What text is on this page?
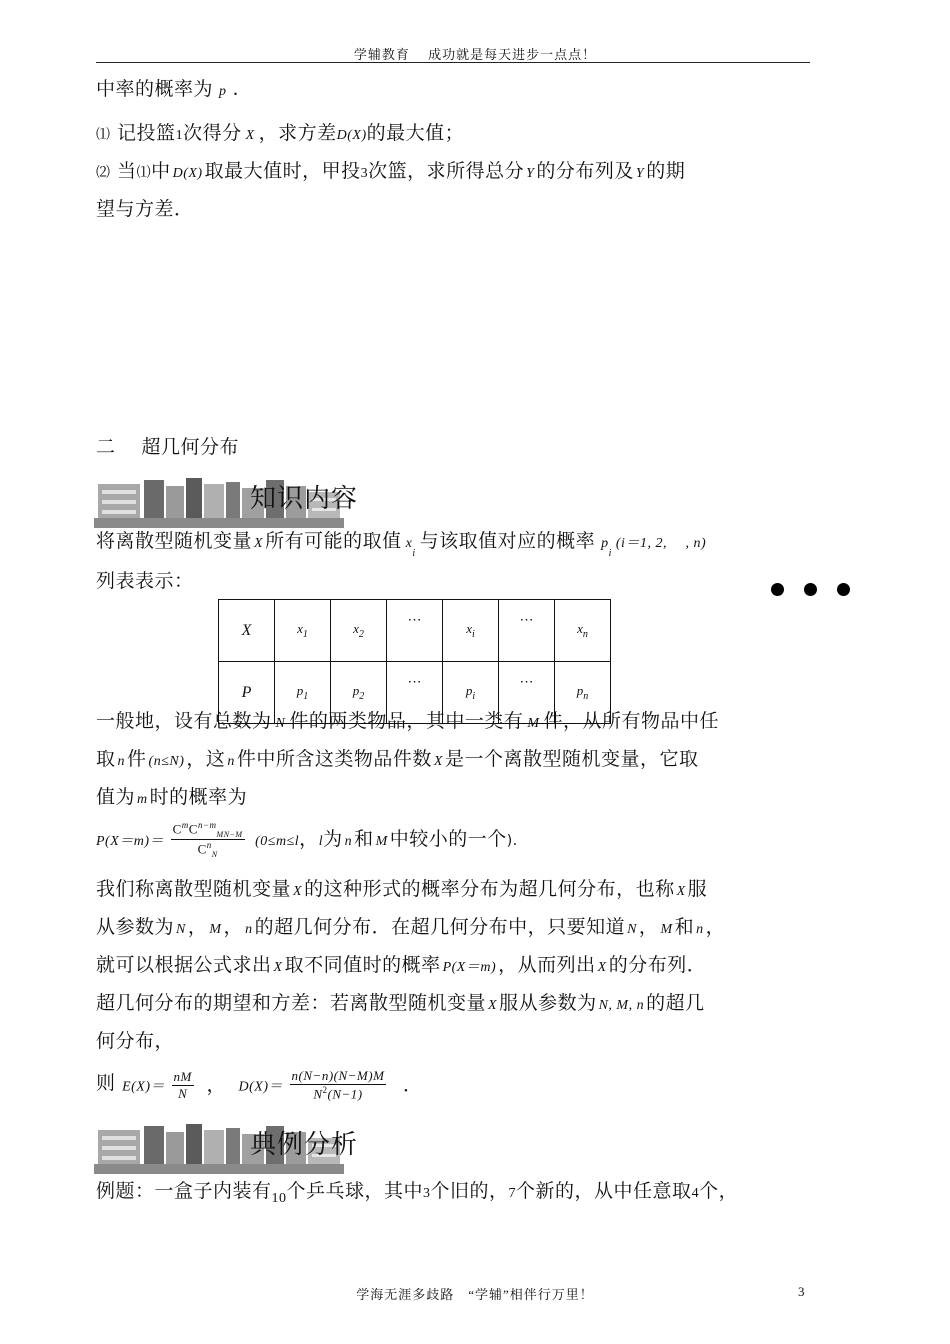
学辅教育　 成功就是每天进步一点点！
中率的概率为 p .
⑴ 记投篮1次得分 X ，求方差D(X)的最大值；
⑵ 当⑴中 D(X) 取最大值时，甲投3次篮，求所得总分 Y 的分布列及 Y 的期
望与方差．
二　 超几何分布
知识内容
将离散型随机变量 X 所有可能的取值 $x_i$与该取值对应的概率 $p_i(i=1$, 2,　 , n)
列表表示：
X	$x_1$	$x_2$	⋯	$x_i$	⋯	$x_n$
P	$p_1$	$p_2$	⋯	$p_i$	⋯	$p_n$
一般地，设有总数为 N 件的两类物品，其中一类有 M 件，从所有物品中任
取 n 件 (n≤N) ，这 n 件中所含这类物品件数 X 是一个离散型随机变量，它取
值为 m 时的概率为
$P(X=m)= \frac{C^mC^{n-m}_{MN-M}}{C^n_N} (0\le m\le l$，l为 n 和 M 中较小的一个)．
我们称离散型随机变量 X 的这种形式的概率分布为超几何分布，也称 X 服
从参数为 N ， M ， n 的超几何分布．在超几何分布中，只要知道 N ， M 和 n ，
就可以根据公式求出 X 取不同值时的概率 P(X＝m) ，从而列出 X 的分布列．
超几何分布的期望和方差：若离散型随机变量 X 服从参数为 N, M, n 的超几
何分布，
则 $E(X)= \frac{nM}{N}$ ， $D(X)= \frac{n(N-n)(N-M)M}{N^2(N-1)}$ ．
典例分析
例题：一盒子内装有$_{10}$个乒乓球，其中3个旧的，7个新的，从中任意取4个，
学海无涯多歧路　“学辅”相伴行万里！	3
